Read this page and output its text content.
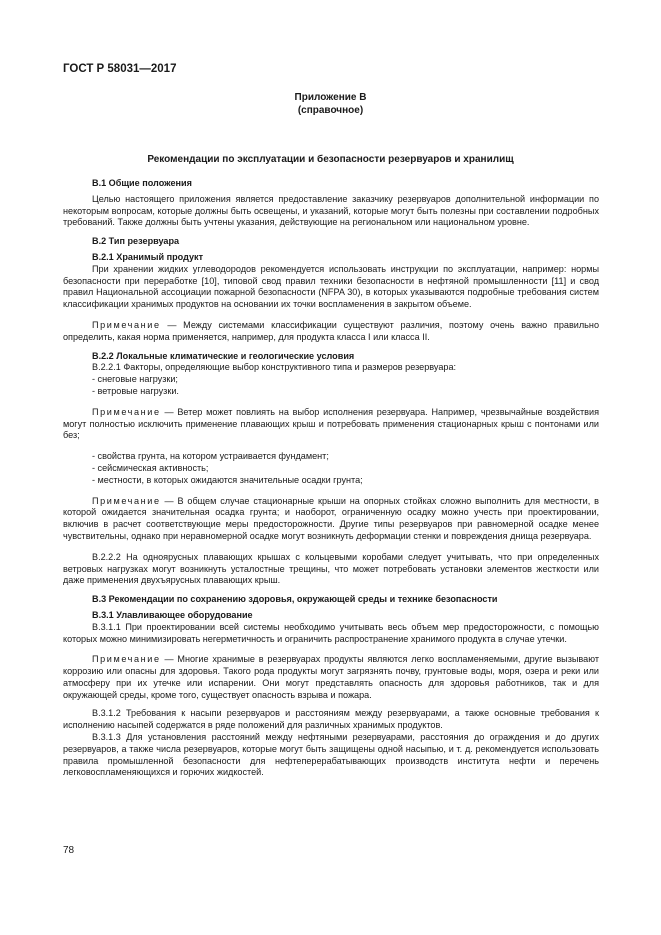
ГОСТ Р 58031—2017
Приложение В
(справочное)
Рекомендации по эксплуатации и безопасности резервуаров и хранилищ

В.1 Общие положения

Целью настоящего приложения является предоставление заказчику резервуаров дополнительной информации по некоторым вопросам, которые должны быть освещены, и указаний, которые могут быть полезны при составлении подробных требований. Также должны быть учтены указания, действующие на региональном или национальном уровне.

В.2 Тип резервуара

В.2.1 Хранимый продукт

При хранении жидких углеводородов рекомендуется использовать инструкции по эксплуатации, например: нормы безопасности при переработке [10], типовой свод правил техники безопасности в нефтяной промышленности [11] и свод правил Национальной ассоциации пожарной безопасности (NFPA 30), в которых указываются подробные требования систем классификации хранимых продуктов на основании их точки воспламенения в закрытом объеме.

Примечание — Между системами классификации существуют различия, поэтому очень важно правильно определить, какая норма применяется, например, для продукта класса I или класса II.

В.2.2 Локальные климатические и геологические условия

В.2.2.1 Факторы, определяющие выбор конструктивного типа и размеров резервуара:

- снеговые нагрузки;

- ветровые нагрузки.

Примечание — Ветер может повлиять на выбор исполнения резервуара. Например, чрезвычайные воздействия могут полностью исключить применение плавающих крыш и потребовать применения стационарных крыш с понтонами или без;

- свойства грунта, на котором устраивается фундамент;

- сейсмическая активность;

- местности, в которых ожидаются значительные осадки грунта;

Примечание — В общем случае стационарные крыши на опорных стойках сложно выполнить для местности, в которой ожидается значительная осадка грунта; и наоборот, ограниченную осадку можно учесть при проектировании, включив в расчет соответствующие меры предосторожности. Другие типы резервуаров при равномерной осадке менее чувствительны, однако при неравномерной осадке могут возникнуть деформации стенки и повреждения днища резервуара.

В.2.2.2 На одноярусных плавающих крышах с кольцевыми коробами следует учитывать, что при определенных ветровых нагрузках могут возникнуть усталостные трещины, что может потребовать установки элементов жесткости или даже применения двухъярусных плавающих крыш.

В.3 Рекомендации по сохранению здоровья, окружающей среды и технике безопасности

В.3.1 Улавливающее оборудование

В.3.1.1 При проектировании всей системы необходимо учитывать весь объем мер предосторожности, с помощью которых можно минимизировать негерметичность и ограничить распространение хранимого продукта в случае утечки.

Примечание — Многие хранимые в резервуарах продукты являются легко воспламеняемыми, другие вызывают коррозию или опасны для здоровья. Такого рода продукты могут загрязнять почву, грунтовые воды, моря, озера и реки или атмосферу при их утечке или испарении. Они могут представлять опасность для здоровья работников, так и для окружающей среды, кроме того, существует опасность взрыва и пожара.

В.3.1.2 Требования к насыпи резервуаров и расстояниям между резервуарами, а также основные требования к исполнению насыпей содержатся в ряде положений для различных хранимых продуктов.

В.3.1.3 Для установления расстояний между нефтяными резервуарами, расстояния до ограждения и до других резервуаров, а также числа резервуаров, которые могут быть защищены одной насыпью, и т. д. рекомендуется использовать правила промышленной безопасности для нефтеперерабатывающих производств института нефти и перечень легковоспламеняющихся и горючих жидкостей.

78
